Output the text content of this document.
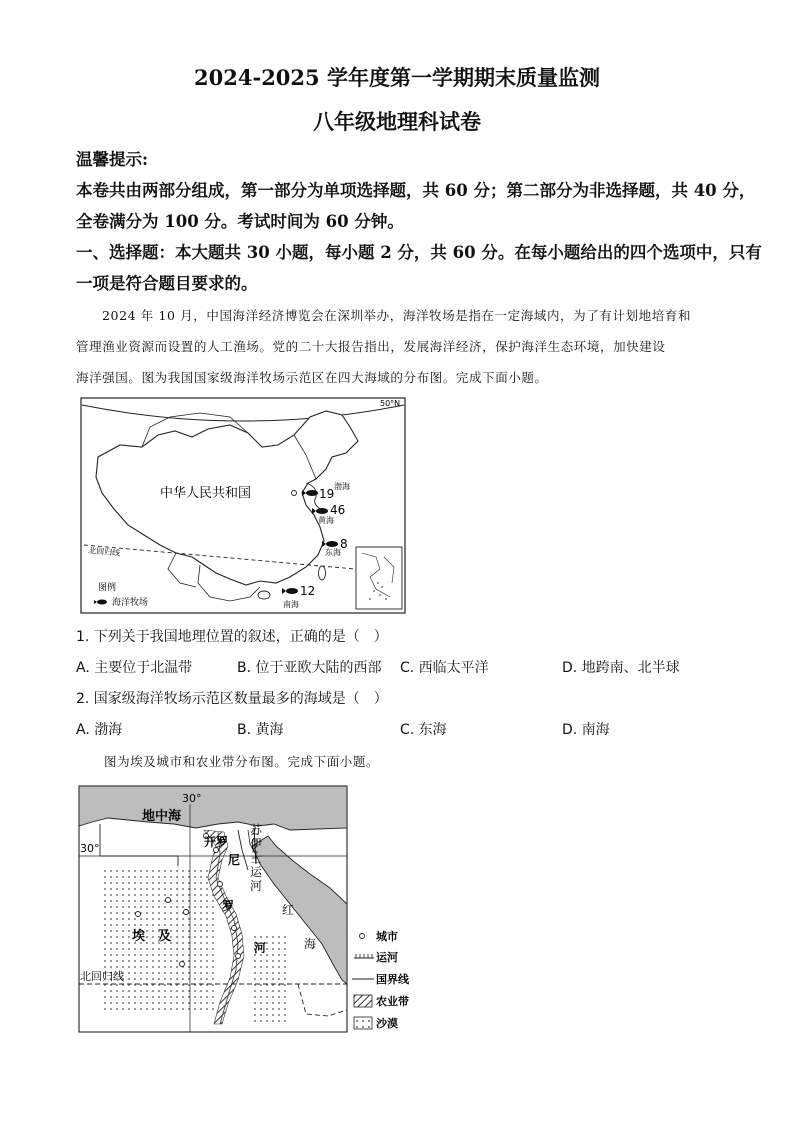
2024-2025 学年度第一学期期末质量监测
八年级地理科试卷
温馨提示:
本卷共由两部分组成，第一部分为单项选择题，共 60 分；第二部分为非选择题，共 40 分，
全卷满分为 100 分。考试时间为 60 分钟。
一、选择题：本大题共 30 小题，每小题 2 分，共 60 分。在每小题给出的四个选项中，只有
一项是符合题目要求的。
2024 年 10 月，中国海洋经济博览会在深圳举办，海洋牧场是指在一定海域内，为了有计划地培育和
管理渔业资源而设置的人工渔场。党的二十大报告指出，发展海洋经济，保护海洋生态环境，加快建设
海洋强国。图为我国国家级海洋牧场示范区在四大海域的分布图。完成下面小题。
50°N
北回归线
中华人民共和国	19
渤海
46
黄海
8
东海
12
南海
图例
海洋牧场
1. 下列关于我国地理位置的叙述，正确的是（　）
A. 主要位于北温带	B. 位于亚欧大陆的西部 C. 西临太平洋	D. 地跨南、北半球
2. 国家级海洋牧场示范区数量最多的海域是（　）
A. 渤海	B. 黄海	C. 东海	D. 南海
图为埃及城市和农业带分布图。完成下面小题。
30°
30°
北回归线
地中海
开罗
尼
罗
河
苏
伊
士
运
河
红
海
埃　及	城市
运河
国界线
农业带
沙漠
